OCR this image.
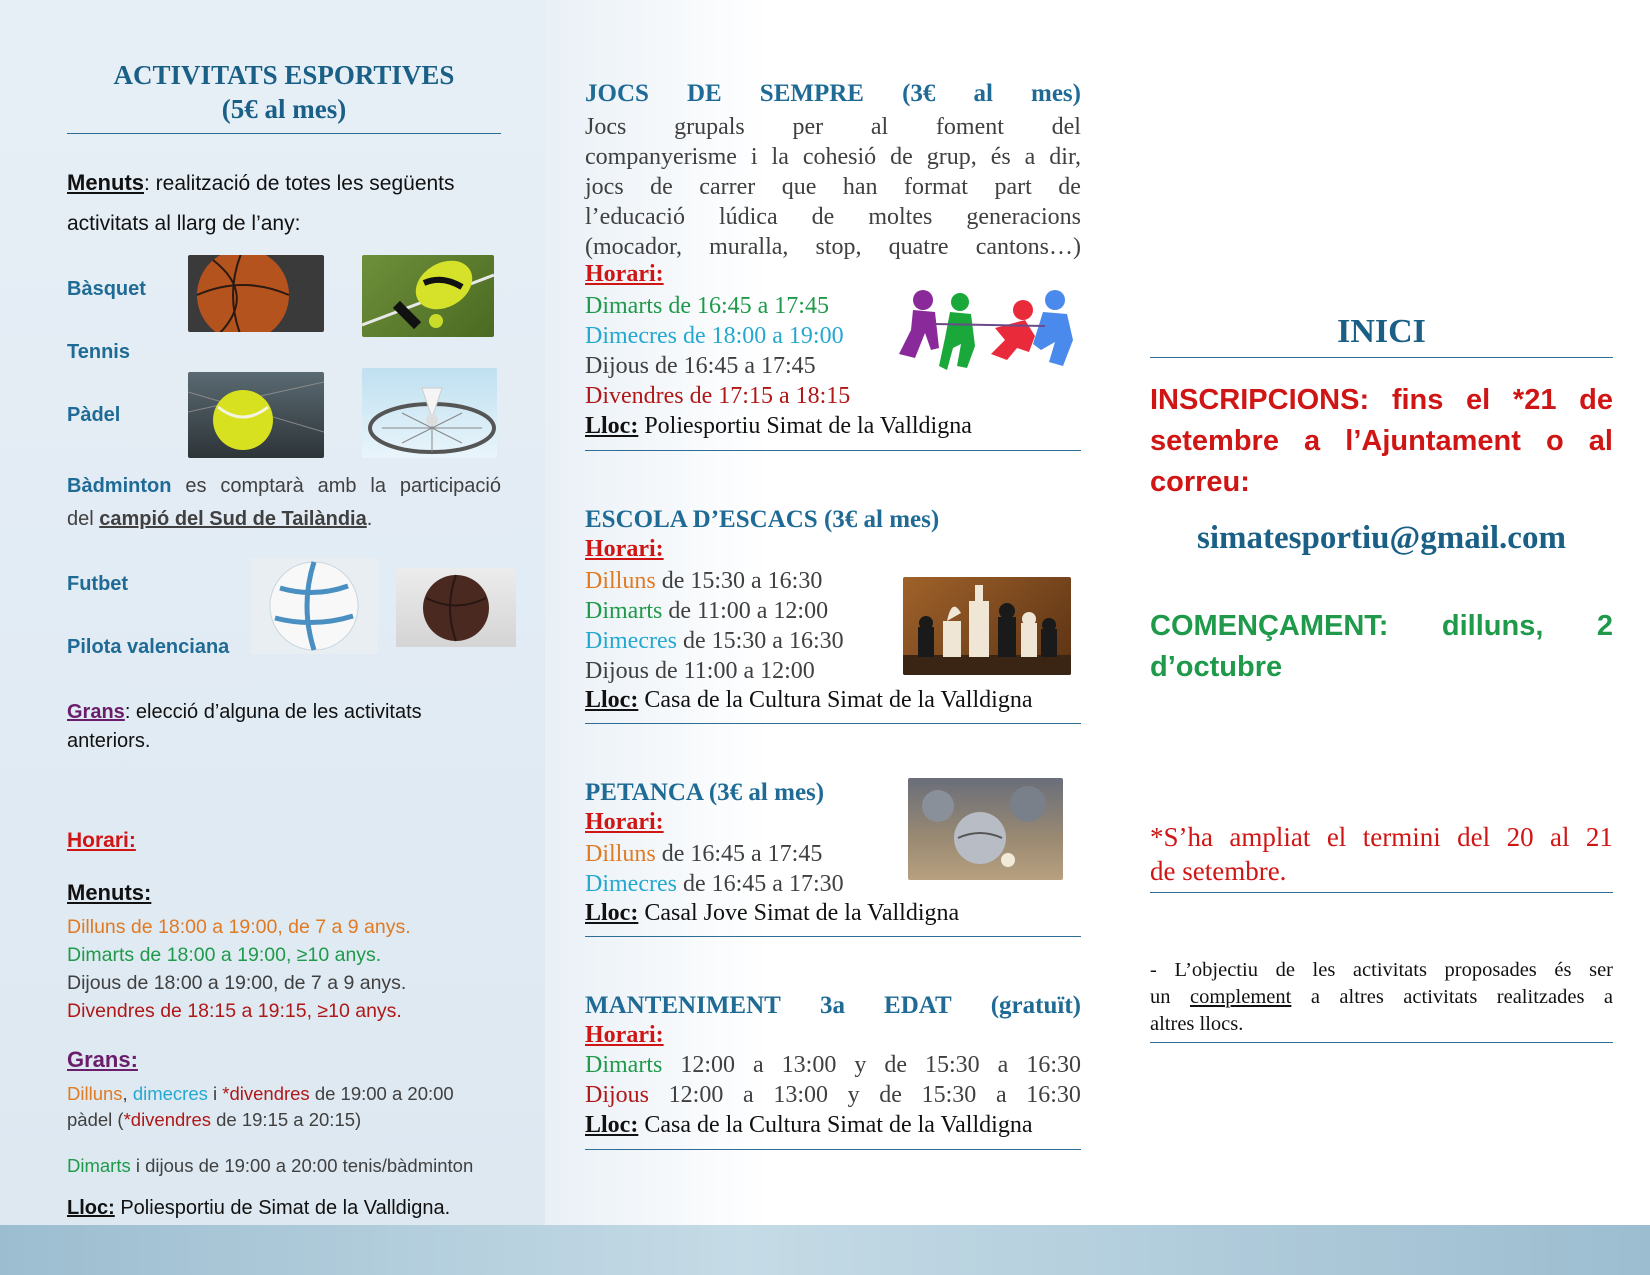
ACTIVITATS ESPORTIVES
(5€ al mes)
Menuts: realització de totes les següents
activitats al llarg de l’any:
Bàsquet
Tennis
Pàdel
Bàdminton es comptarà amb la participació
del campió del Sud de Tailàndia.
Futbet
Pilota valenciana
Grans: elecció d’alguna de les activitats
anteriors.
Horari:
Menuts:
Dilluns de 18:00 a 19:00, de 7 a 9 anys.
Dimarts de 18:00 a 19:00, ≥10 anys.
Dijous de 18:00 a 19:00, de 7 a 9 anys.
Divendres de 18:15 a 19:15, ≥10 anys.
Grans:
Dilluns, dimecres i *divendres de 19:00 a 20:00
pàdel (*divendres de 19:15 a 20:15)
Dimarts i dijous de 19:00 a 20:00 tenis/bàdminton
Lloc: Poliesportiu de Simat de la Valldigna.
JOCS DE SEMPRE (3€ al mes)
Jocs grupals per al foment del
companyerisme i la cohesió de grup, és a dir,
jocs de carrer que han format part de
l’educació lúdica de moltes generacions
(mocador, muralla, stop, quatre cantons…)
Horari:
Dimarts de 16:45 a 17:45
Dimecres de 18:00 a 19:00
Dijous de 16:45 a 17:45
Divendres de 17:15 a 18:15
Lloc: Poliesportiu Simat de la Valldigna
ESCOLA D’ESCACS (3€ al mes)
Horari:
Dilluns de 15:30 a 16:30
Dimarts de 11:00 a 12:00
Dimecres de 15:30 a 16:30
Dijous de 11:00 a 12:00
Lloc: Casa de la Cultura Simat de la Valldigna
PETANCA (3€ al mes)
Horari:
Dilluns de 16:45 a 17:45
Dimecres de 16:45 a 17:30
Lloc: Casal Jove Simat de la Valldigna
MANTENIMENT 3a EDAT (gratuït)
Horari:
Dimarts 12:00 a 13:00 y de 15:30 a 16:30
Dijous 12:00 a 13:00 y de 15:30 a 16:30
Lloc: Casa de la Cultura Simat de la Valldigna
INICI
INSCRIPCIONS: fins el *21 de
setembre a l’Ajuntament o al
correu:
simatesportiu@gmail.com
COMENÇAMENT: dilluns, 2
d’octubre
*S’ha ampliat el termini del 20 al 21
de setembre.
- L’objectiu de les activitats proposades és ser
un complement a altres activitats realitzades a
altres llocs.
